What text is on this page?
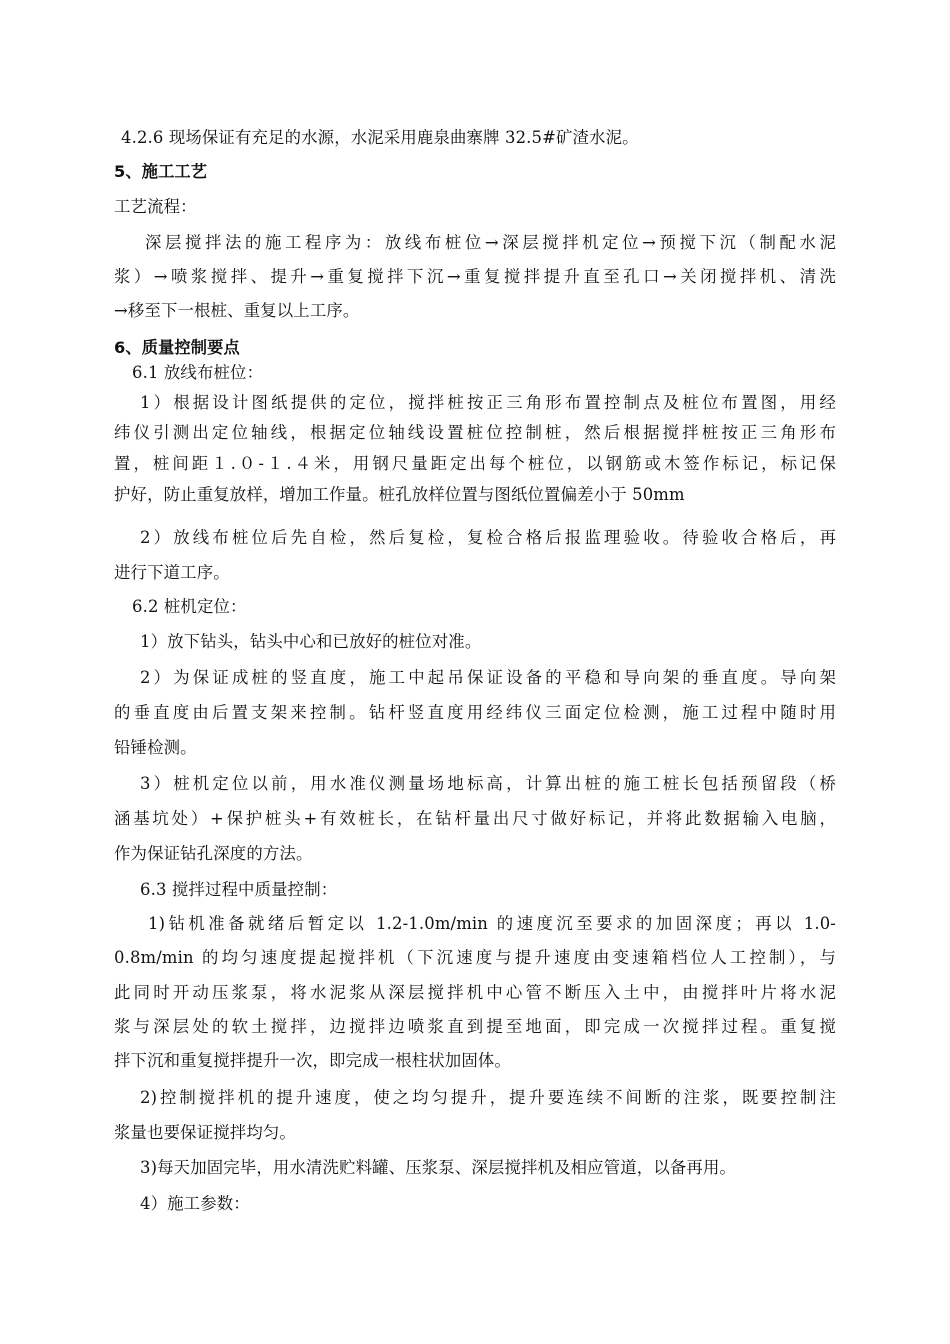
4.2.6 现场保证有充足的水源，水泥采用鹿泉曲寨牌 32.5#矿渣水泥。
5、施工工艺
工艺流程：
深层搅拌法的施工程序为：放线布桩位→深层搅拌机定位→预搅下沉（制配水泥
浆）→喷浆搅拌、提升→重复搅拌下沉→重复搅拌提升直至孔口→关闭搅拌机、清洗
→移至下一根桩、重复以上工序。
6、质量控制要点
6.1 放线布桩位：
1）根据设计图纸提供的定位，搅拌桩按正三角形布置控制点及桩位布置图，用经
纬仪引测出定位轴线，根据定位轴线设置桩位控制桩，然后根据搅拌桩按正三角形布
置，桩间距１.０-１.４米，用钢尺量距定出每个桩位，以钢筋或木签作标记，标记保
护好，防止重复放样，增加工作量。桩孔放样位置与图纸位置偏差小于 50mm
2）放线布桩位后先自检，然后复检，复检合格后报监理验收。待验收合格后，再
进行下道工序。
6.2 桩机定位：
1）放下钻头，钻头中心和已放好的桩位对准。
2）为保证成桩的竖直度，施工中起吊保证设备的平稳和导向架的垂直度。导向架
的垂直度由后置支架来控制。钻杆竖直度用经纬仪三面定位检测，施工过程中随时用
铅锤检测。
3）桩机定位以前，用水准仪测量场地标高，计算出桩的施工桩长包括预留段（桥
涵基坑处）+保护桩头+有效桩长，在钻杆量出尺寸做好标记，并将此数据输入电脑，
作为保证钻孔深度的方法。
6.3 搅拌过程中质量控制：
1)钻机准备就绪后暂定以 1.2-1.0m/min 的速度沉至要求的加固深度；再以 1.0-
0.8m/min 的均匀速度提起搅拌机（下沉速度与提升速度由变速箱档位人工控制），与
此同时开动压浆泵，将水泥浆从深层搅拌机中心管不断压入土中，由搅拌叶片将水泥
浆与深层处的软土搅拌，边搅拌边喷浆直到提至地面，即完成一次搅拌过程。重复搅
拌下沉和重复搅拌提升一次，即完成一根柱状加固体。
2)控制搅拌机的提升速度，使之均匀提升，提升要连续不间断的注浆，既要控制注
浆量也要保证搅拌均匀。
3)每天加固完毕，用水清洗贮料罐、压浆泵、深层搅拌机及相应管道，以备再用。
4）施工参数：
